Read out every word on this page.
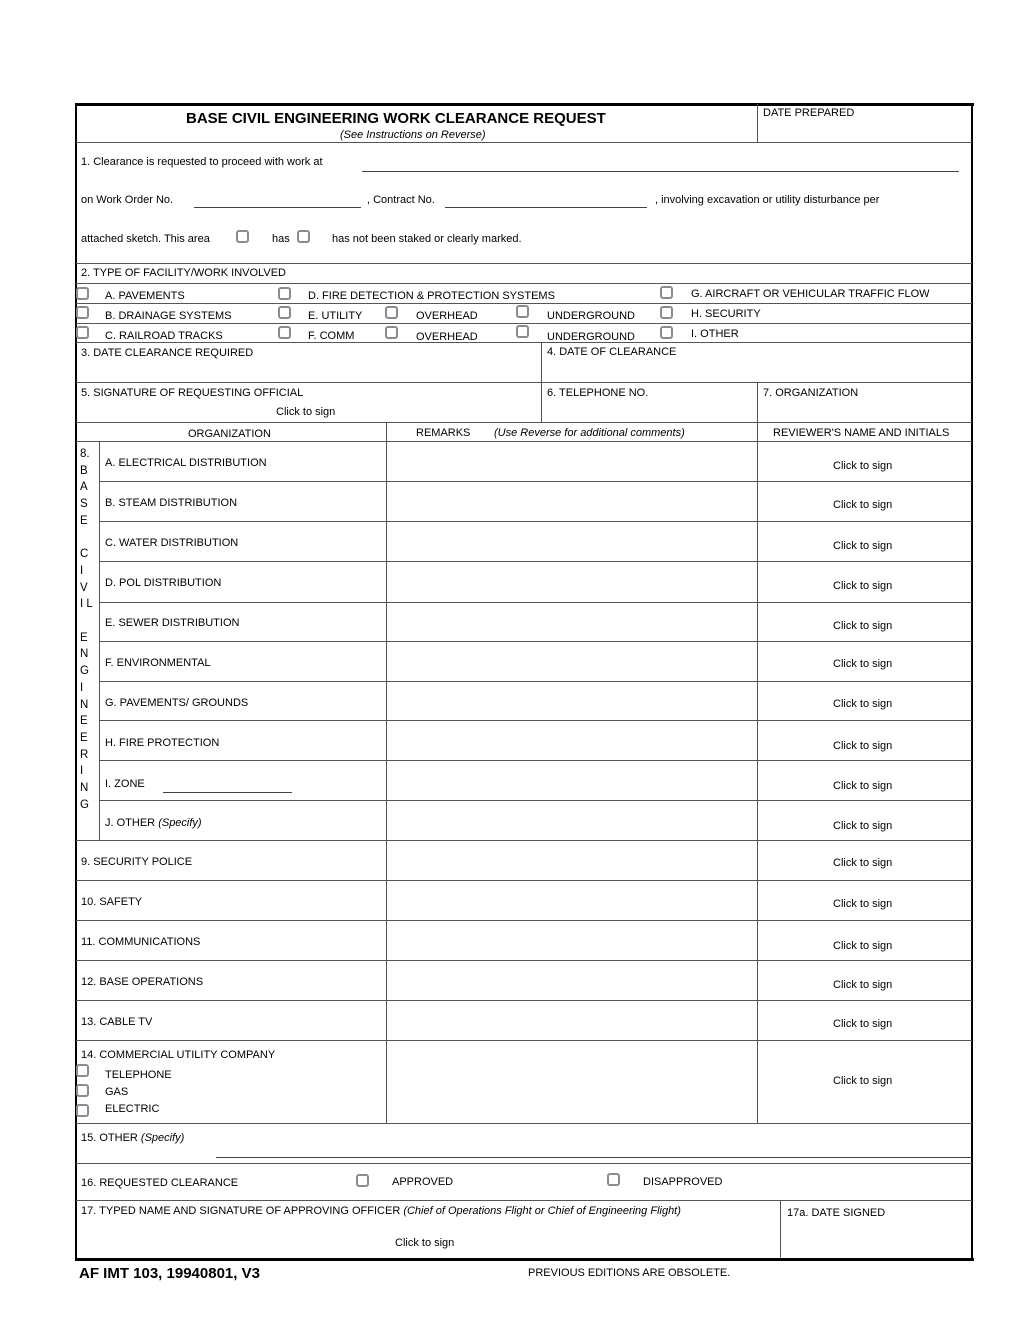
BASE CIVIL ENGINEERING WORK CLEARANCE REQUEST
(See Instructions on Reverse)
DATE PREPARED
1. Clearance is requested to proceed with work at
on Work Order No.	, Contract No.	, involving excavation or utility disturbance per
attached sketch. This area	has	has not been staked or clearly marked.
2. TYPE OF FACILITY/WORK INVOLVED
A. PAVEMENTS	D. FIRE DETECTION & PROTECTION SYSTEMS	G. AIRCRAFT OR VEHICULAR TRAFFIC FLOW
B. DRAINAGE SYSTEMS	E. UTILITY	OVERHEAD	UNDERGROUND	H. SECURITY
C. RAILROAD TRACKS	F. COMM	OVERHEAD	UNDERGROUND	I. OTHER
3. DATE CLEARANCE REQUIRED	4. DATE OF CLEARANCE
5. SIGNATURE OF REQUESTING OFFICIAL
Click to sign
6. TELEPHONE NO.	7. ORGANIZATION
ORGANIZATION	REMARKS (Use Reverse for additional comments)	REVIEWER'S NAME AND INITIALS
8.
B
A
S
E
C
I
V
I L
E
N
G
I
N
E
E
R
I
N
G
A. ELECTRICAL DISTRIBUTION	Click to sign
B. STEAM DISTRIBUTION	Click to sign
C. WATER DISTRIBUTION	Click to sign
D. POL DISTRIBUTION	Click to sign
E. SEWER DISTRIBUTION	Click to sign
F. ENVIRONMENTAL	Click to sign
G. PAVEMENTS/ GROUNDS	Click to sign
H. FIRE PROTECTION	Click to sign
I. ZONE	Click to sign
J. OTHER (Specify)	Click to sign
9. SECURITY POLICE	Click to sign
10. SAFETY	Click to sign
11. COMMUNICATIONS	Click to sign
12. BASE OPERATIONS	Click to sign
13. CABLE TV	Click to sign
14. COMMERCIAL UTILITY COMPANY
TELEPHONE
GAS
ELECTRIC
Click to sign
15. OTHER (Specify)
16. REQUESTED CLEARANCE	APPROVED	DISAPPROVED
17. TYPED NAME AND SIGNATURE OF APPROVING OFFICER (Chief of Operations Flight or Chief of Engineering Flight)
Click to sign
17a. DATE SIGNED
AF IMT 103, 19940801, V3	PREVIOUS EDITIONS ARE OBSOLETE.
